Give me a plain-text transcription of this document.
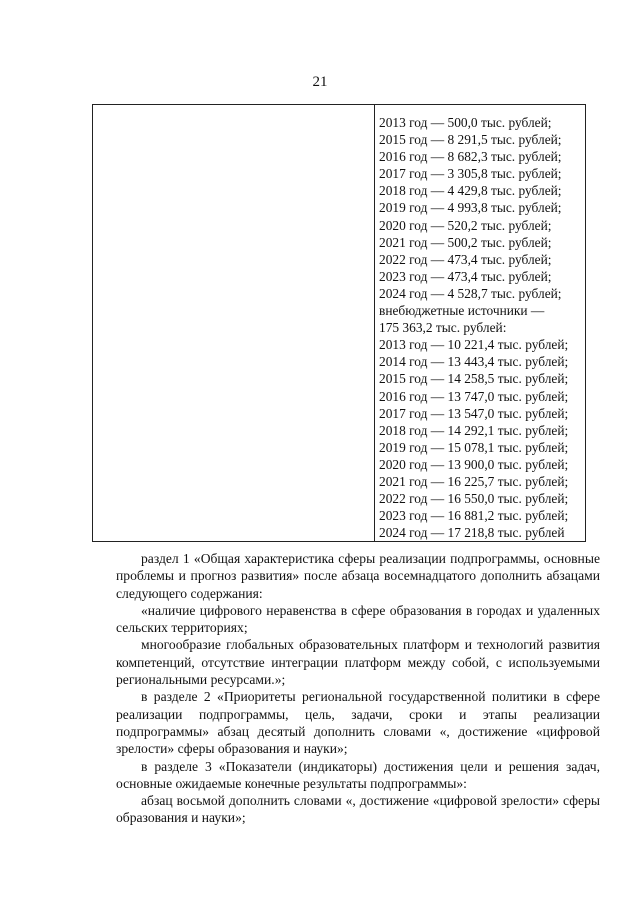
21
2013 год — 500,0 тыс. рублей;
2015 год — 8 291,5 тыс. рублей;
2016 год — 8 682,3 тыс. рублей;
2017 год — 3 305,8 тыс. рублей;
2018 год — 4 429,8 тыс. рублей;
2019 год — 4 993,8 тыс. рублей;
2020 год — 520,2 тыс. рублей;
2021 год — 500,2 тыс. рублей;
2022 год — 473,4 тыс. рублей;
2023 год — 473,4 тыс. рублей;
2024 год — 4 528,7 тыс. рублей;
внебюджетные источники —
175 363,2 тыс. рублей:
2013 год — 10 221,4 тыс. рублей;
2014 год — 13 443,4 тыс. рублей;
2015 год — 14 258,5 тыс. рублей;
2016 год — 13 747,0 тыс. рублей;
2017 год — 13 547,0 тыс. рублей;
2018 год — 14 292,1 тыс. рублей;
2019 год — 15 078,1 тыс. рублей;
2020 год — 13 900,0 тыс. рублей;
2021 год — 16 225,7 тыс. рублей;
2022 год — 16 550,0 тыс. рублей;
2023 год — 16 881,2 тыс. рублей;
2024 год — 17 218,8 тыс. рублей

раздел 1 «Общая характеристика сферы реализации подпрограммы, основные проблемы и прогноз развития» после абзаца восемнадцатого дополнить абзацами следующего содержания:

«наличие цифрового неравенства в сфере образования в городах и удаленных сельских территориях;

многообразие глобальных образовательных платформ и технологий развития компетенций, отсутствие интеграции платформ между собой, с используемыми региональными ресурсами.»;

в разделе 2 «Приоритеты региональной государственной политики в сфере реализации подпрограммы, цель, задачи, сроки и этапы реализации подпрограммы» абзац десятый дополнить словами «, достижение «цифровой зрелости» сферы образования и науки»;

в разделе 3 «Показатели (индикаторы) достижения цели и решения задач, основные ожидаемые конечные результаты подпрограммы»:

абзац восьмой дополнить словами «, достижение «цифровой зрелости» сферы образования и науки»;
